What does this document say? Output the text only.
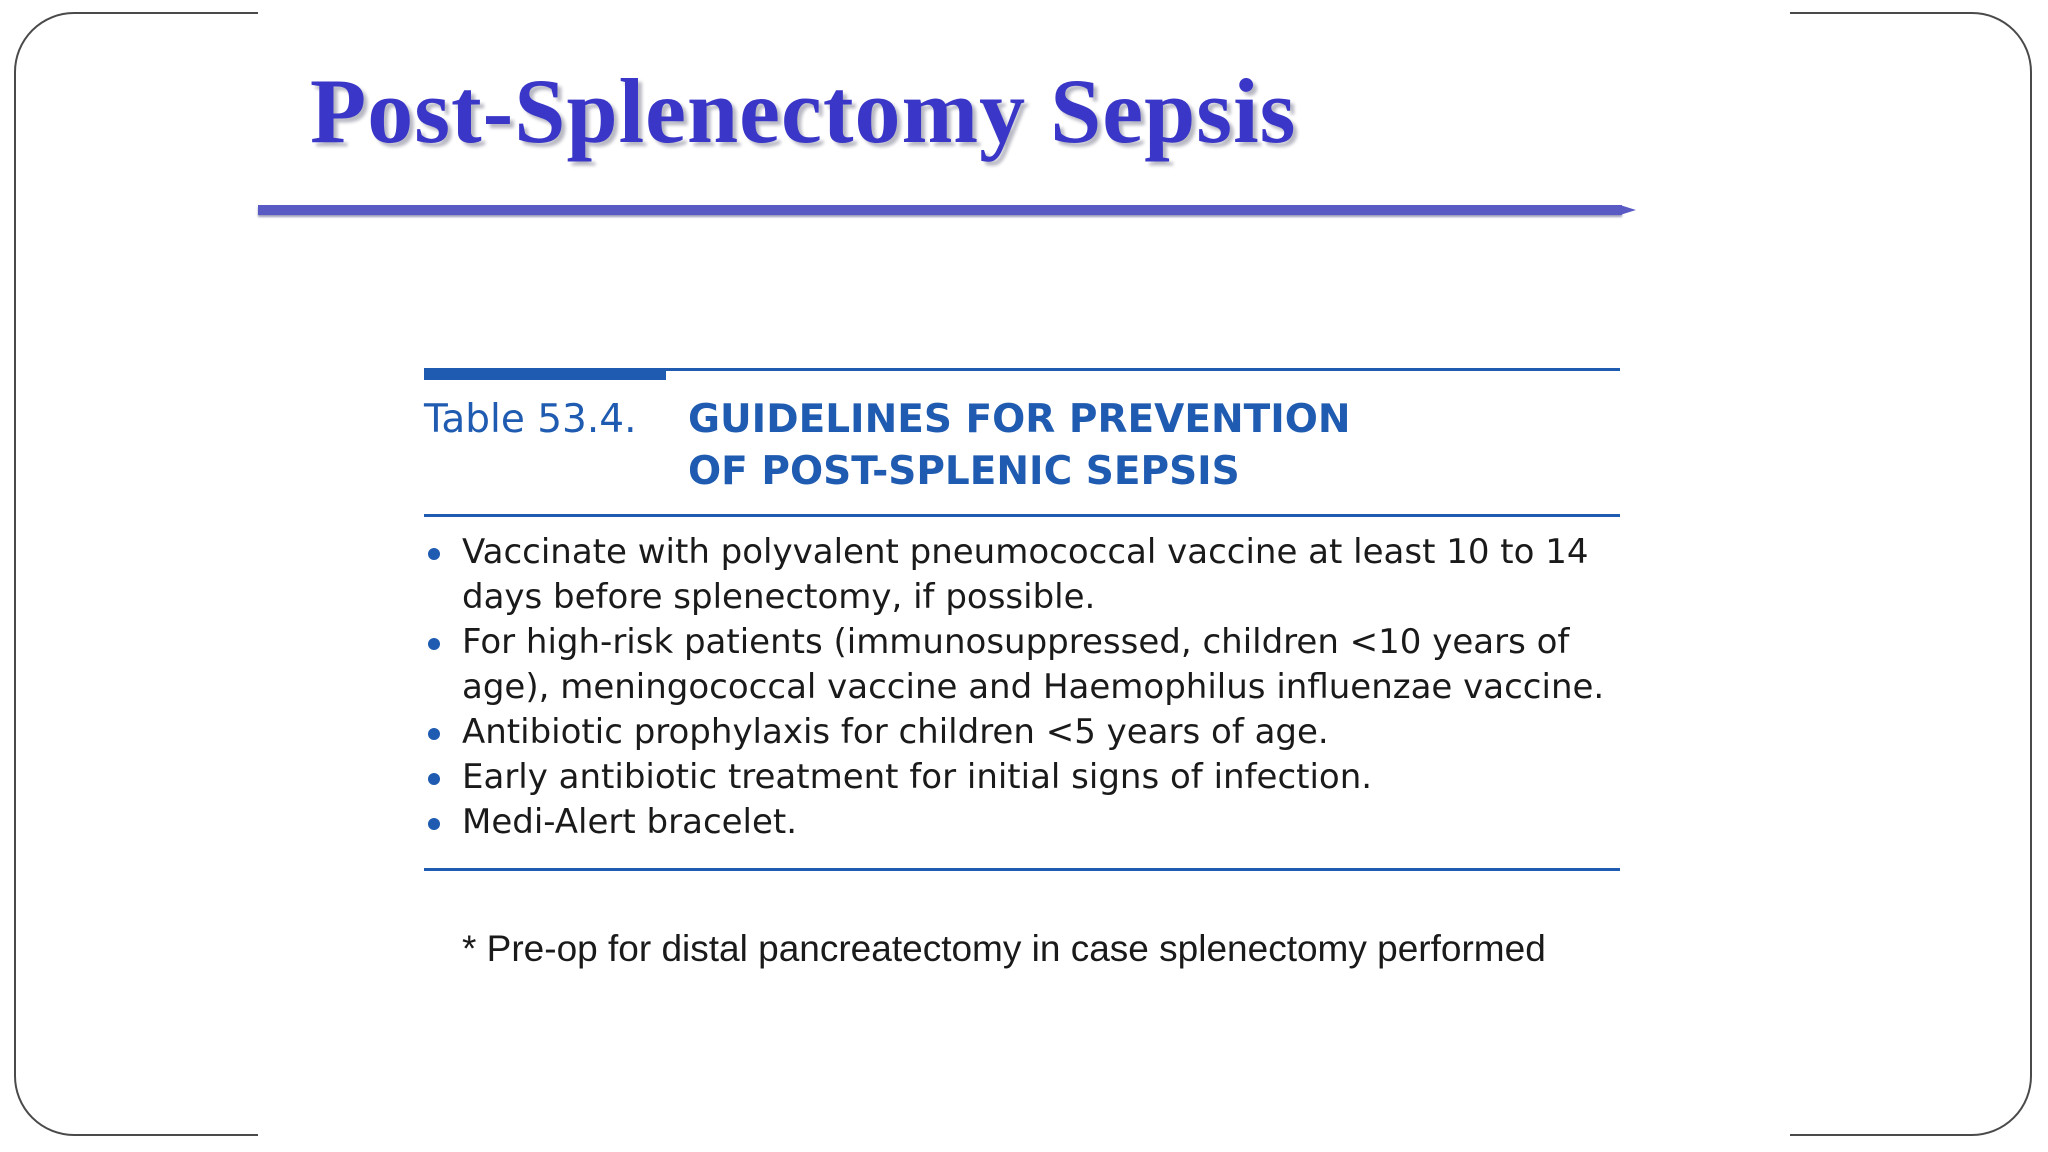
Post-Splenectomy Sepsis
Table 53.4. GUIDELINES FOR PREVENTION
OF POST-SPLENIC SEPSIS
Vaccinate with polyvalent pneumococcal vaccine at least 10 to 14 days before splenectomy, if possible.
For high-risk patients (immunosuppressed, children <10 years of age), meningococcal vaccine and Haemophilus influenzae vaccine.
Antibiotic prophylaxis for children <5 years of age.
Early antibiotic treatment for initial signs of infection.
Medi-Alert bracelet.
* Pre-op for distal pancreatectomy in case splenectomy performed
